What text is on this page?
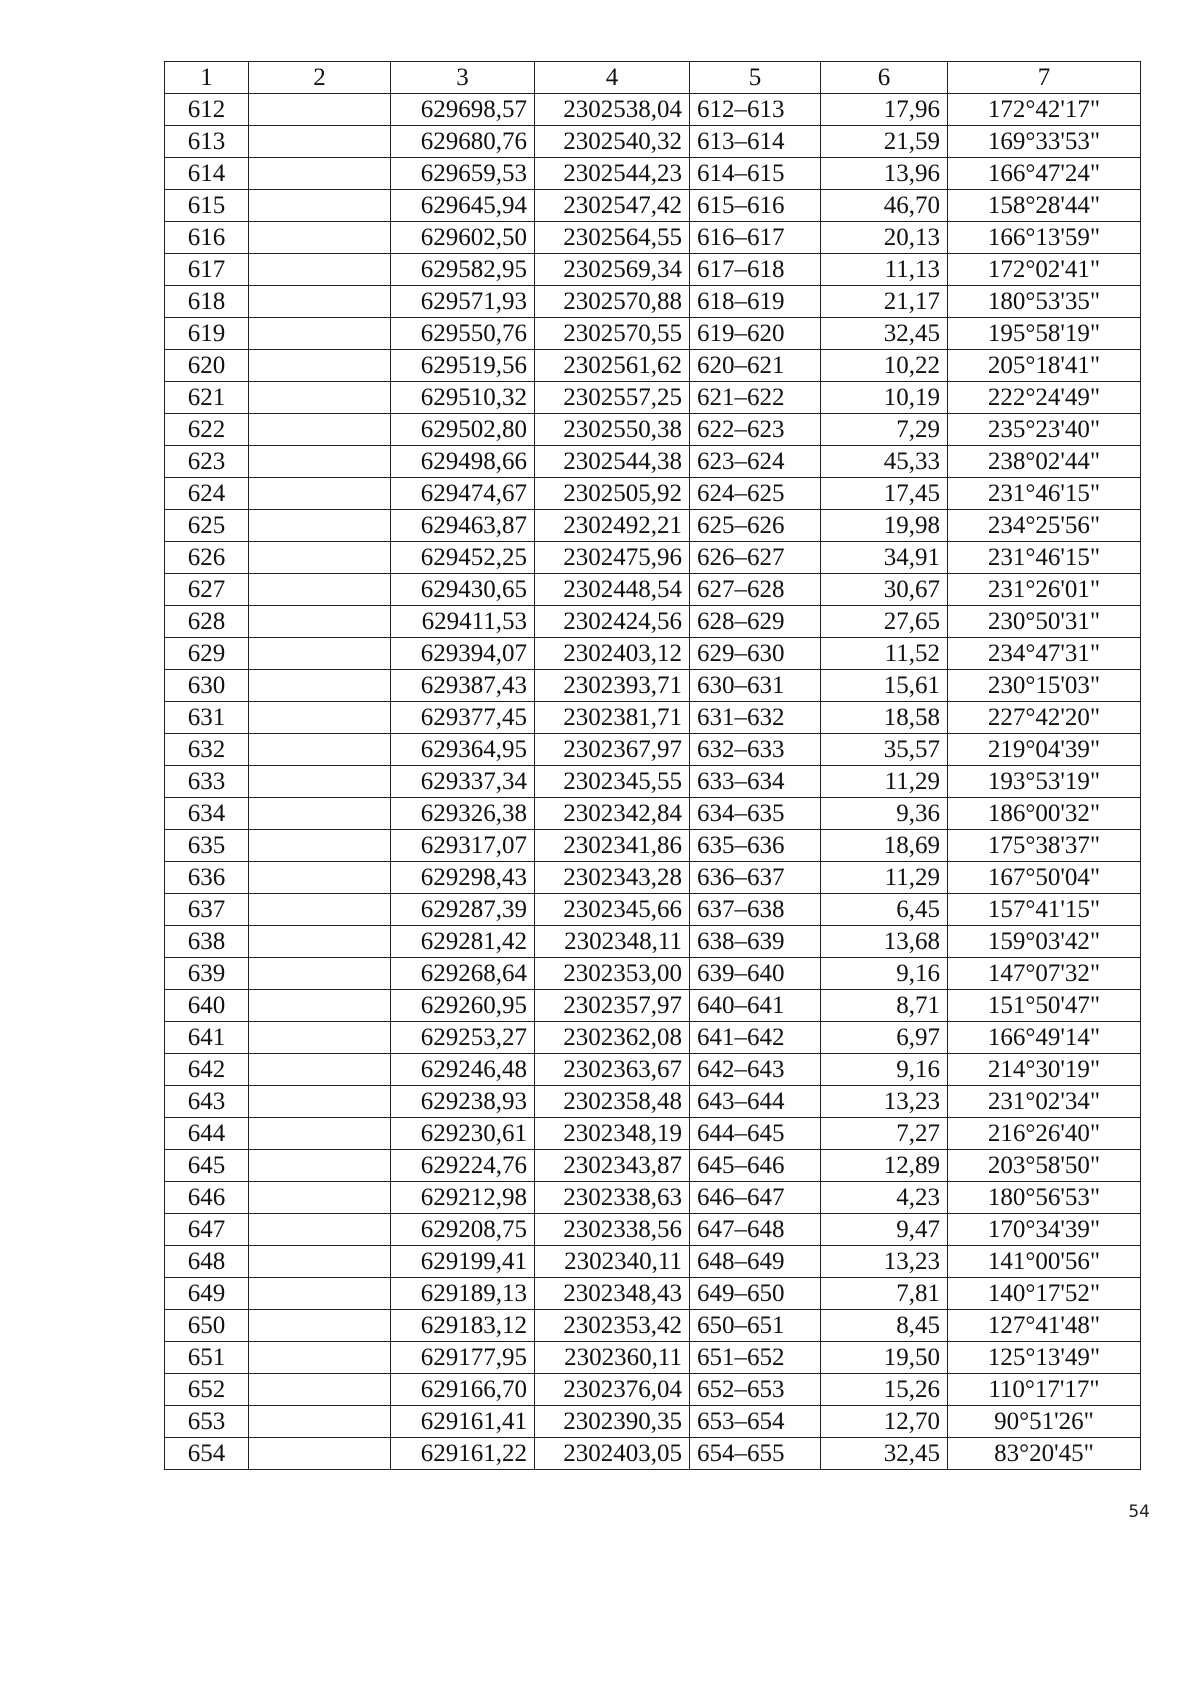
1	2	3	4	5	6	7
612		629698,57	2302538,04	612–613	17,96	172°42'17"
613		629680,76	2302540,32	613–614	21,59	169°33'53"
614		629659,53	2302544,23	614–615	13,96	166°47'24"
615		629645,94	2302547,42	615–616	46,70	158°28'44"
616		629602,50	2302564,55	616–617	20,13	166°13'59"
617		629582,95	2302569,34	617–618	11,13	172°02'41"
618		629571,93	2302570,88	618–619	21,17	180°53'35"
619		629550,76	2302570,55	619–620	32,45	195°58'19"
620		629519,56	2302561,62	620–621	10,22	205°18'41"
621		629510,32	2302557,25	621–622	10,19	222°24'49"
622		629502,80	2302550,38	622–623	7,29	235°23'40"
623		629498,66	2302544,38	623–624	45,33	238°02'44"
624		629474,67	2302505,92	624–625	17,45	231°46'15"
625		629463,87	2302492,21	625–626	19,98	234°25'56"
626		629452,25	2302475,96	626–627	34,91	231°46'15"
627		629430,65	2302448,54	627–628	30,67	231°26'01"
628		629411,53	2302424,56	628–629	27,65	230°50'31"
629		629394,07	2302403,12	629–630	11,52	234°47'31"
630		629387,43	2302393,71	630–631	15,61	230°15'03"
631		629377,45	2302381,71	631–632	18,58	227°42'20"
632		629364,95	2302367,97	632–633	35,57	219°04'39"
633		629337,34	2302345,55	633–634	11,29	193°53'19"
634		629326,38	2302342,84	634–635	9,36	186°00'32"
635		629317,07	2302341,86	635–636	18,69	175°38'37"
636		629298,43	2302343,28	636–637	11,29	167°50'04"
637		629287,39	2302345,66	637–638	6,45	157°41'15"
638		629281,42	2302348,11	638–639	13,68	159°03'42"
639		629268,64	2302353,00	639–640	9,16	147°07'32"
640		629260,95	2302357,97	640–641	8,71	151°50'47"
641		629253,27	2302362,08	641–642	6,97	166°49'14"
642		629246,48	2302363,67	642–643	9,16	214°30'19"
643		629238,93	2302358,48	643–644	13,23	231°02'34"
644		629230,61	2302348,19	644–645	7,27	216°26'40"
645		629224,76	2302343,87	645–646	12,89	203°58'50"
646		629212,98	2302338,63	646–647	4,23	180°56'53"
647		629208,75	2302338,56	647–648	9,47	170°34'39"
648		629199,41	2302340,11	648–649	13,23	141°00'56"
649		629189,13	2302348,43	649–650	7,81	140°17'52"
650		629183,12	2302353,42	650–651	8,45	127°41'48"
651		629177,95	2302360,11	651–652	19,50	125°13'49"
652		629166,70	2302376,04	652–653	15,26	110°17'17"
653		629161,41	2302390,35	653–654	12,70	90°51'26"
654		629161,22	2302403,05	654–655	32,45	83°20'45"
54
